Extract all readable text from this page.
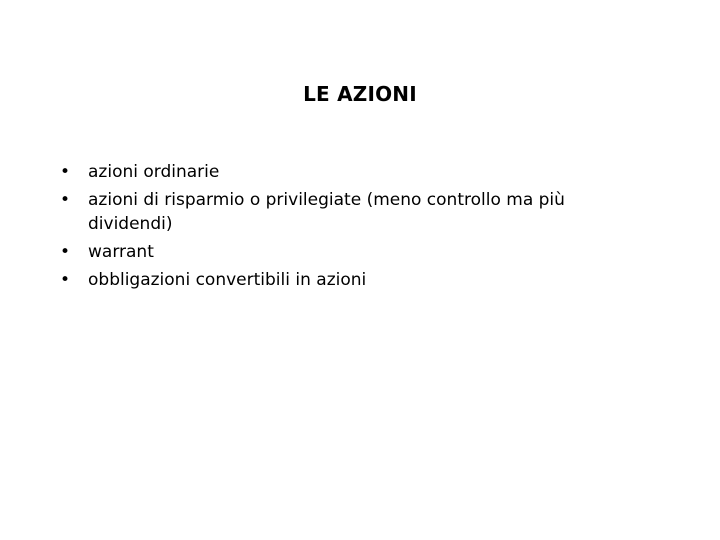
LE AZIONI
•	azioni ordinarie
•	azioni di risparmio o privilegiate (meno controllo ma più dividendi)
•	warrant
•	obbligazioni convertibili in azioni
